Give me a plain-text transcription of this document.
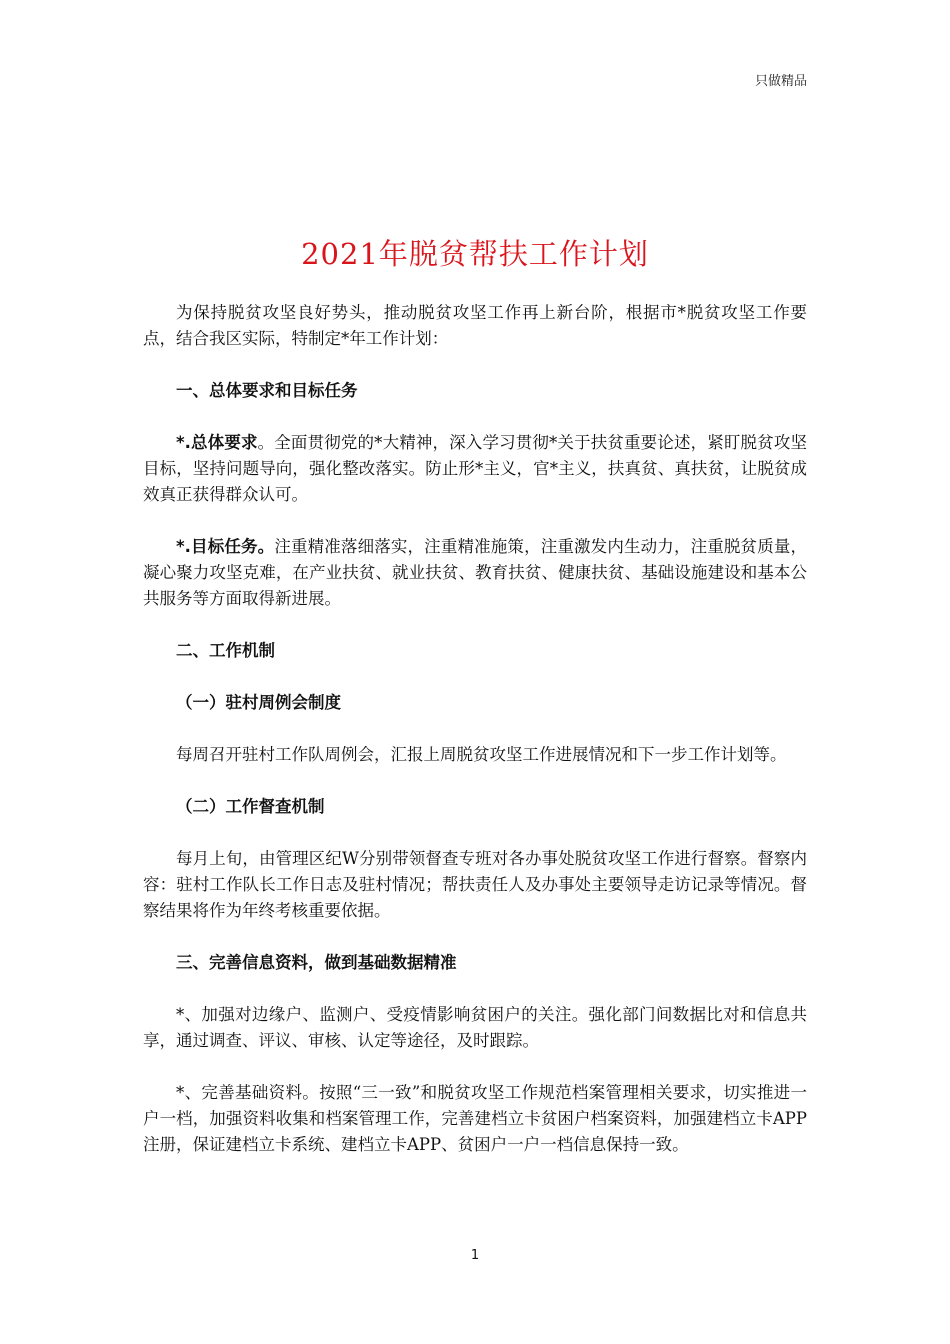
只做精品
2021年脱贫帮扶工作计划

为保持脱贫攻坚良好势头，推动脱贫攻坚工作再上新台阶，根据市*脱贫攻坚工作要点，结合我区实际，特制定*年工作计划：

一、总体要求和目标任务

*.总体要求。全面贯彻党的*大精神，深入学习贯彻*关于扶贫重要论述，紧盯脱贫攻坚目标，坚持问题导向，强化整改落实。防止形*主义，官*主义，扶真贫、真扶贫，让脱贫成效真正获得群众认可。

*.目标任务。注重精准落细落实，注重精准施策，注重激发内生动力，注重脱贫质量，凝心聚力攻坚克难，在产业扶贫、就业扶贫、教育扶贫、健康扶贫、基础设施建设和基本公共服务等方面取得新进展。

二、工作机制

（一）驻村周例会制度

每周召开驻村工作队周例会，汇报上周脱贫攻坚工作进展情况和下一步工作计划等。

（二）工作督查机制

每月上旬，由管理区纪W分别带领督查专班对各办事处脱贫攻坚工作进行督察。督察内容：驻村工作队长工作日志及驻村情况；帮扶责任人及办事处主要领导走访记录等情况。督察结果将作为年终考核重要依据。

三、完善信息资料，做到基础数据精准

*、加强对边缘户、监测户、受疫情影响贫困户的关注。强化部门间数据比对和信息共享，通过调查、评议、审核、认定等途径，及时跟踪。

*、完善基础资料。按照“三一致”和脱贫攻坚工作规范档案管理相关要求，切实推进一户一档，加强资料收集和档案管理工作，完善建档立卡贫困户档案资料，加强建档立卡APP注册，保证建档立卡系统、建档立卡APP、贫困户一户一档信息保持一致。

1
